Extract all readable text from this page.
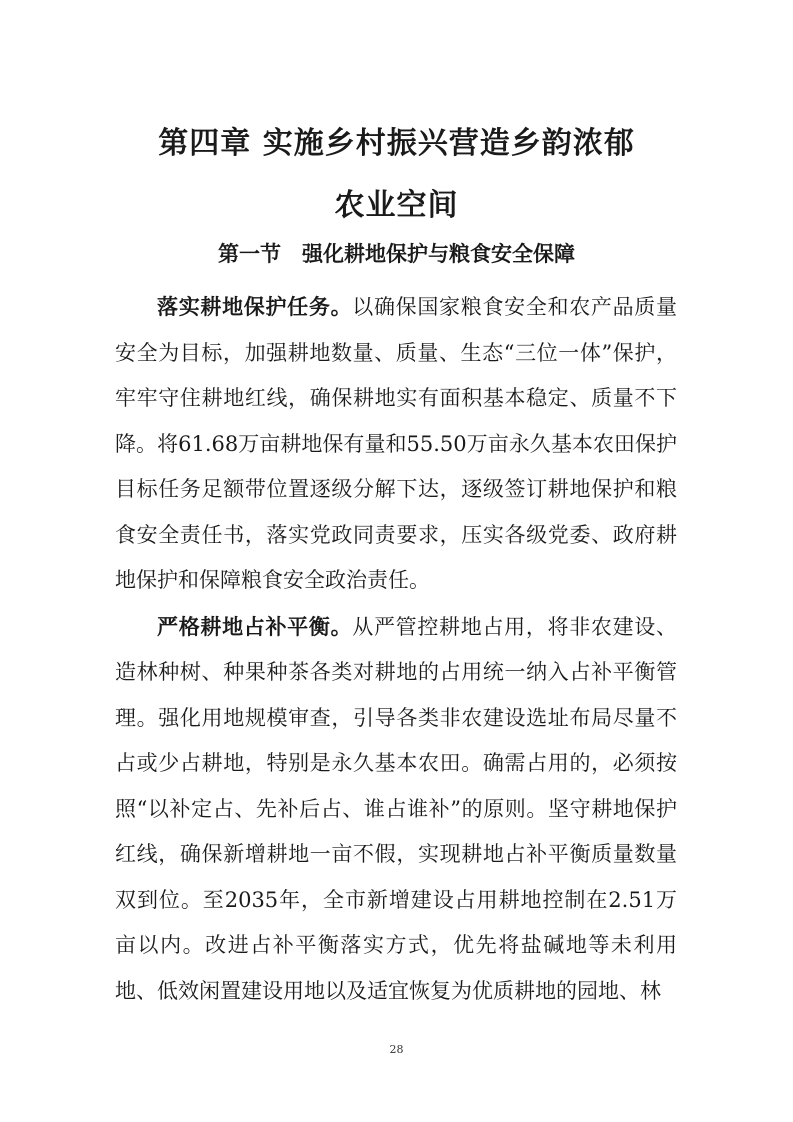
第四章 实施乡村振兴营造乡韵浓郁
农业空间
第一节　强化耕地保护与粮食安全保障

落实耕地保护任务。以确保国家粮食安全和农产品质量安全为目标，加强耕地数量、质量、生态“三位一体”保护，牢牢守住耕地红线，确保耕地实有面积基本稳定、质量不下降。将61.68万亩耕地保有量和55.50万亩永久基本农田保护目标任务足额带位置逐级分解下达，逐级签订耕地保护和粮食安全责任书，落实党政同责要求，压实各级党委、政府耕地保护和保障粮食安全政治责任。

严格耕地占补平衡。从严管控耕地占用，将非农建设、造林种树、种果种茶各类对耕地的占用统一纳入占补平衡管理。强化用地规模审查，引导各类非农建设选址布局尽量不占或少占耕地，特别是永久基本农田。确需占用的，必须按照“以补定占、先补后占、谁占谁补”的原则。坚守耕地保护红线，确保新增耕地一亩不假，实现耕地占补平衡质量数量双到位。至2035年，全市新增建设占用耕地控制在2.51万亩以内。改进占补平衡落实方式，优先将盐碱地等未利用地、低效闲置建设用地以及适宜恢复为优质耕地的园地、林

28
